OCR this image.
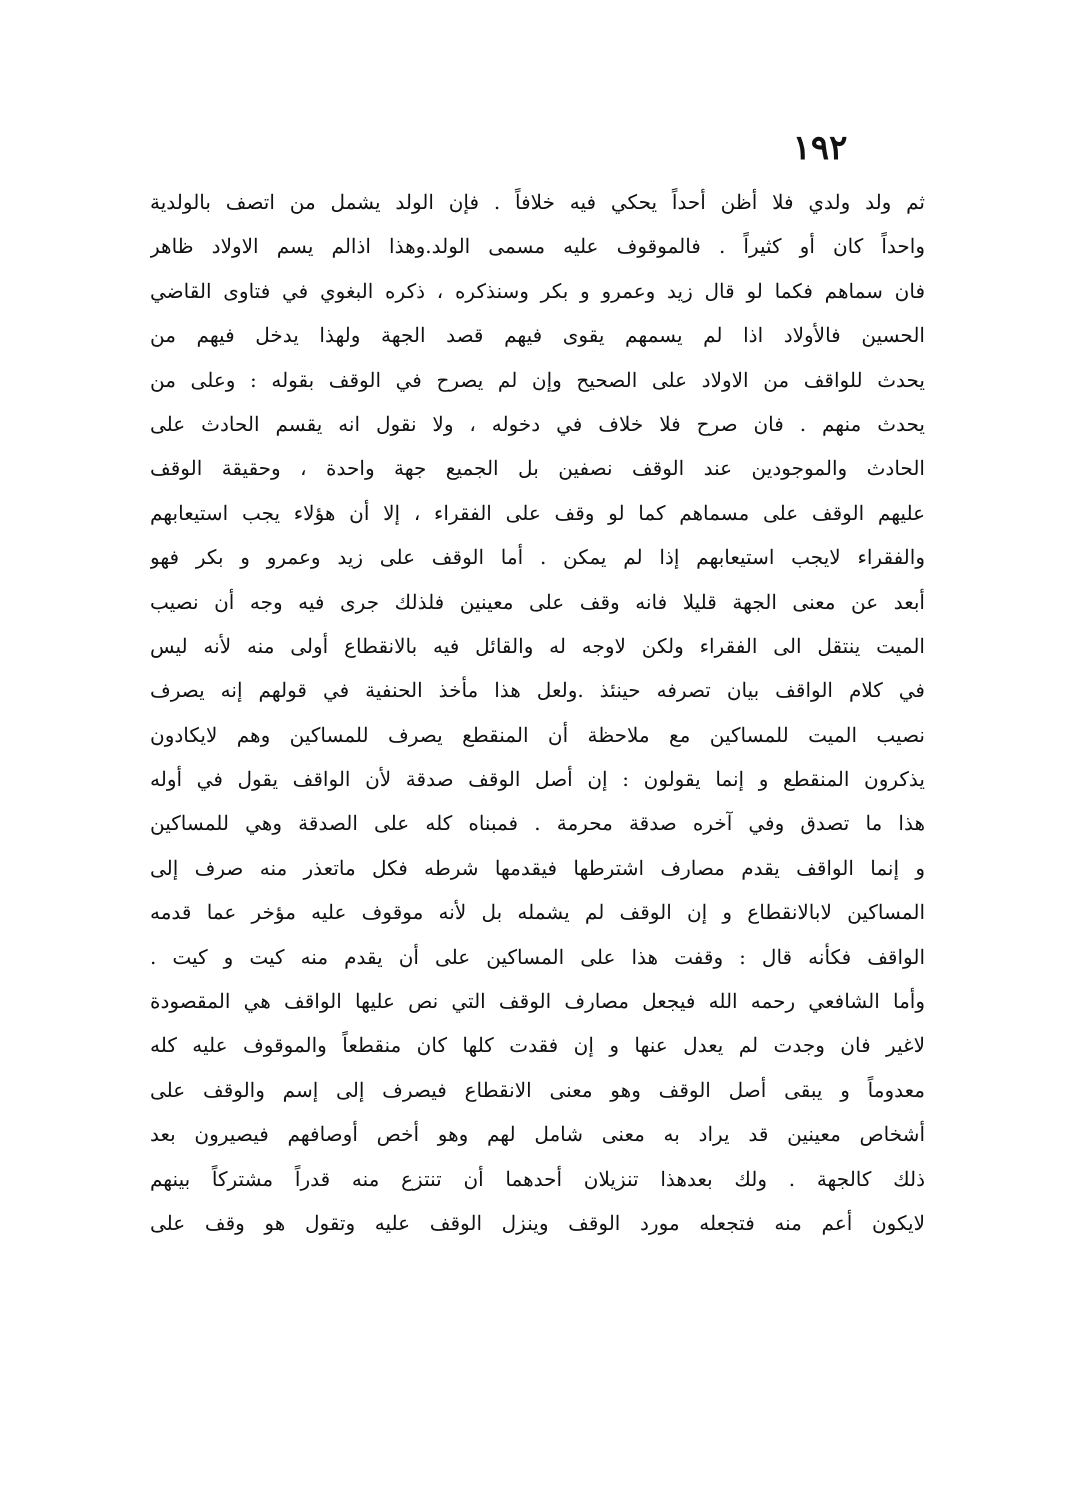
١٩٢
ثم ولد ولدي فلا أظن أحداً يحكي فيه خلافاً . فإن الولد يشمل من اتصف بالولدية
واحداً كان أو كثيراً . فالموقوف عليه مسمى الولد.وهذا اذالم يسم الاولاد ظاهر
فان سماهم فكما لو قال زيد وعمرو و بكر وسنذكره ، ذكره البغوي في فتاوى القاضي
الحسين فالأولاد اذا لم يسمهم يقوى فيهم قصد الجهة ولهذا يدخل فيهم من
يحدث للواقف من الاولاد على الصحيح وإن لم يصرح في الوقف بقوله : وعلى من
يحدث منهم . فان صرح فلا خلاف في دخوله ، ولا نقول انه يقسم الحادث على
الحادث والموجودين عند الوقف نصفين بل الجميع جهة واحدة ، وحقيقة الوقف
عليهم الوقف على مسماهم كما لو وقف على الفقراء ، إلا أن هؤلاء يجب استيعابهم
والفقراء لايجب استيعابهم إذا لم يمكن . أما الوقف على زيد وعمرو و بكر فهو
أبعد عن معنى الجهة قليلا فانه وقف على معينين فلذلك جرى فيه وجه أن نصيب
الميت ينتقل الى الفقراء ولكن لاوجه له والقائل فيه بالانقطاع أولى منه لأنه ليس
في كلام الواقف بيان تصرفه حينئذ .ولعل هذا مأخذ الحنفية في قولهم إنه يصرف
نصيب الميت للمساكين مع ملاحظة أن المنقطع يصرف للمساكين وهم لايكادون
يذكرون المنقطع و إنما يقولون : إن أصل الوقف صدقة لأن الواقف يقول في أوله
هذا ما تصدق وفي آخره صدقة محرمة . فمبناه كله على الصدقة وهي للمساكين
و إنما الواقف يقدم مصارف اشترطها فيقدمها شرطه فكل ماتعذر منه صرف إلى
المساكين لابالانقطاع و إن الوقف لم يشمله بل لأنه موقوف عليه مؤخر عما قدمه
الواقف فكأنه قال : وقفت هذا على المساكين على أن يقدم منه كيت و كيت .
وأما الشافعي رحمه الله فيجعل مصارف الوقف التي نص عليها الواقف هي المقصودة
لاغير فان وجدت لم يعدل عنها و إن فقدت كلها كان منقطعاً والموقوف عليه كله
معدوماً و يبقى أصل الوقف وهو معنى الانقطاع فيصرف إلى إسم والوقف على
أشخاص معينين قد يراد به معنى شامل لهم وهو أخص أوصافهم فيصيرون بعد
ذلك كالجهة . ولك بعدهذا تنزيلان أحدهما أن تنتزع منه قدراً مشتركاً بينهم
لايكون أعم منه فتجعله مورد الوقف وينزل الوقف عليه وتقول هو وقف على
